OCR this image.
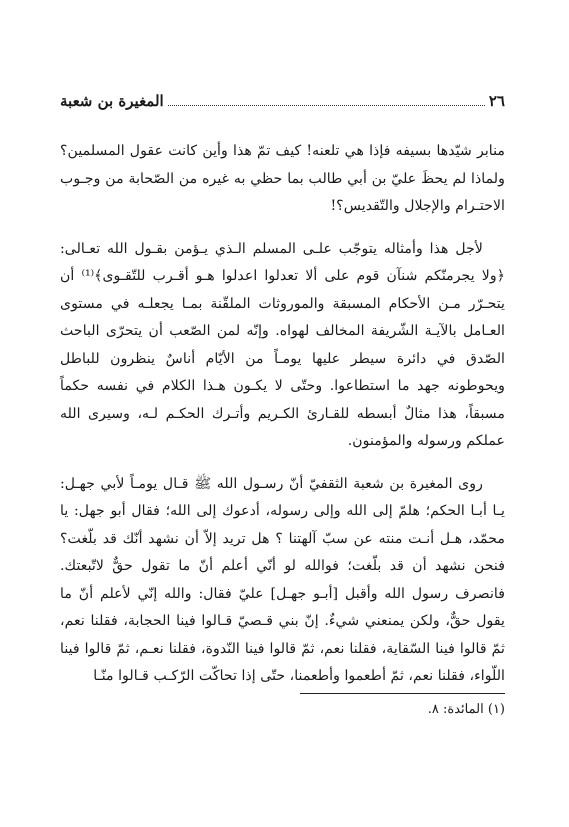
٢٦
المغيرة بن شعبة

منابر شيّدها بسيفه فإذا هي تلعنه! كيف تمّ هذا وأين كانت عقول المسلمين؟ ولماذا لم يحظَ عليّ بن أبي طالب بما حظي به غيره من الصّحابة من وجـوب الاحتـرام والإجلال والتّقديس؟!

لأجل هذا وأمثاله يتوجّب علـى المسلم الـذي يـؤمن بقـول الله تعـالى: ﴿ولا يجرمنّكم شنآن قوم على ألا تعدلوا اعدلوا هـو أقـرب للتّقـوى﴾⁽¹⁾ أن يتحـرّر مـن الأحكام المسبقة والموروثات الملقّنة بمـا يجعلـه في مستوى العـامل بالآيـة الشّريفة المخالف لهواه. وإنّه لمن الصّعب أن يتحرّى الباحث الصّدق في دائرة سيطر عليها يومـاً من الأيّام أناسٌ ينظرون للباطل ويحوطونه جهد ما استطاعوا. وحتّى لا يكـون هـذا الكلام في نفسه حكماً مسبقاً، هذا مثالٌ أبسطه للقـارئ الكـريم وأتـرك الحكـم لـه، وسيرى الله عملكم ورسوله والمؤمنون.

روى المغيرة بن شعبة الثقفيّ أنّ رسـول الله ﷺ قـال يومـاً لأبي جهـل: يـا أبـا الحكم؛ هلمّ إلى الله وإلى رسوله، أدعوك إلى الله؛ فقال أبو جهل: يا محمّد، هـل أنـت منته عن سبّ آلهتنا ؟ هل تريد إلاّ أن نشهد أنّك قد بلّغت؟ فنحن نشهد أن قد بلّغت؛ فوالله لو أنّي أعلم أنّ ما تقول حقٌّ لاتّبعتك. فانصرف رسول الله وأقبل [أبـو جهـل] عليّ فقال: والله إنّي لأعلم أنّ ما يقول حقٌّ، ولكن يمنعني شيءٌ. إنّ بني قـصيّ قـالوا فينا الحجابة، فقلنا نعم، ثمّ قالوا فينا السّقاية، فقلنا نعم، ثمّ قالوا فينا النّدوة، فقلنا نعـم، ثمّ قالوا فينا اللّواء، فقلنا نعم، ثمّ أطعموا وأطعمنا، حتّى إذا تحاكّت الرّكـب قـالوا منّـا

(١) المائدة: ٨.
